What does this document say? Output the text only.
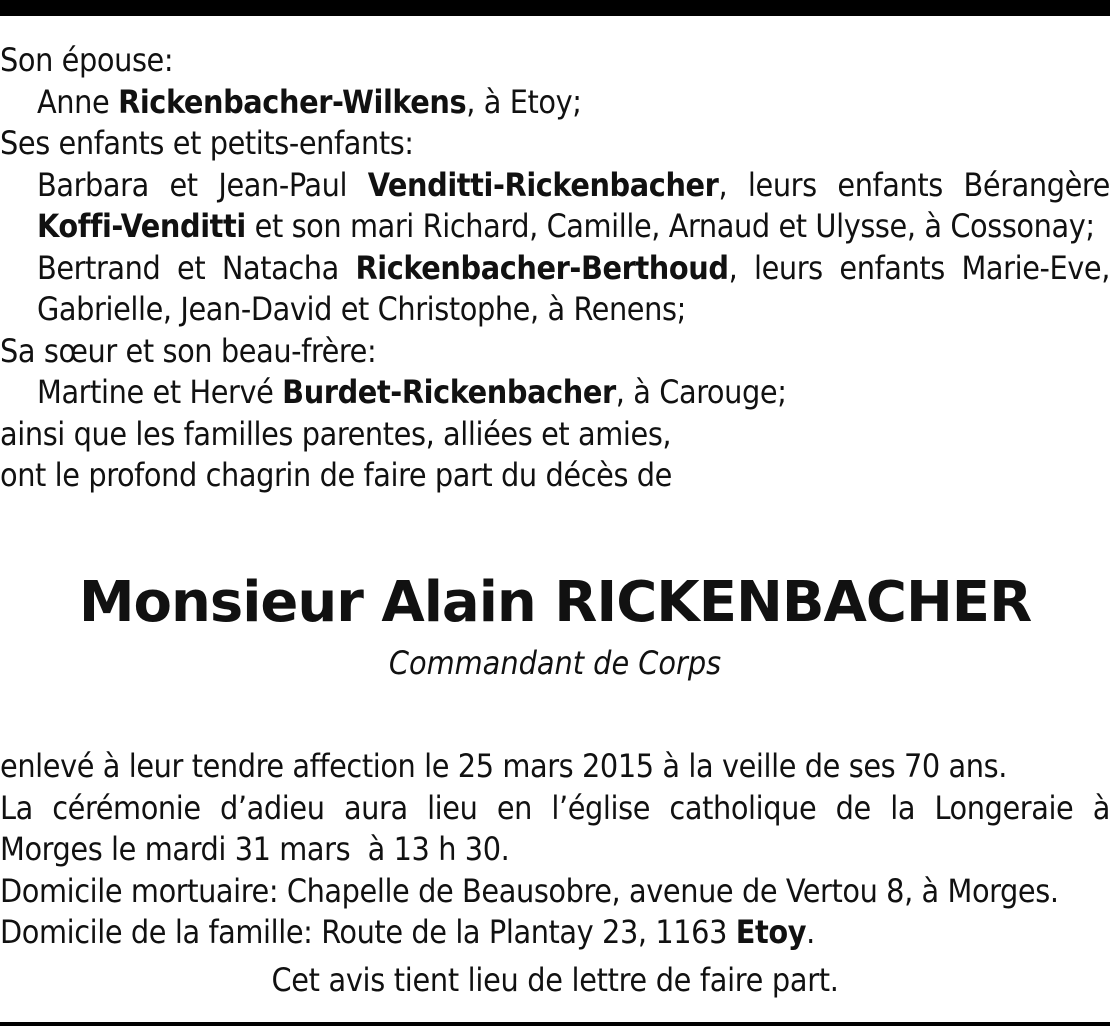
Son épouse:
Anne Rickenbacher-Wilkens, à Etoy;
Ses enfants et petits-enfants:
Barbara et Jean-Paul Venditti-Rickenbacher, leurs enfants Bérangère
Koffi-Venditti et son mari Richard, Camille, Arnaud et Ulysse, à Cossonay;
Bertrand et Natacha Rickenbacher-Berthoud, leurs enfants Marie-Eve,
Gabrielle, Jean-David et Christophe, à Renens;
Sa sœur et son beau-frère:
Martine et Hervé Burdet-Rickenbacher, à Carouge;
ainsi que les familles parentes, alliées et amies,
ont le profond chagrin de faire part du décès de
Monsieur Alain RICKENBACHER
Commandant de Corps
enlevé à leur tendre affection le 25 mars 2015 à la veille de ses 70 ans.
La cérémonie d’adieu aura lieu en l’église catholique de la Longeraie à
Morges le mardi 31 mars  à 13 h 30.
Domicile mortuaire: Chapelle de Beausobre, avenue de Vertou 8, à Morges.
Domicile de la famille: Route de la Plantay 23, 1163 Etoy.
Cet avis tient lieu de lettre de faire part.
